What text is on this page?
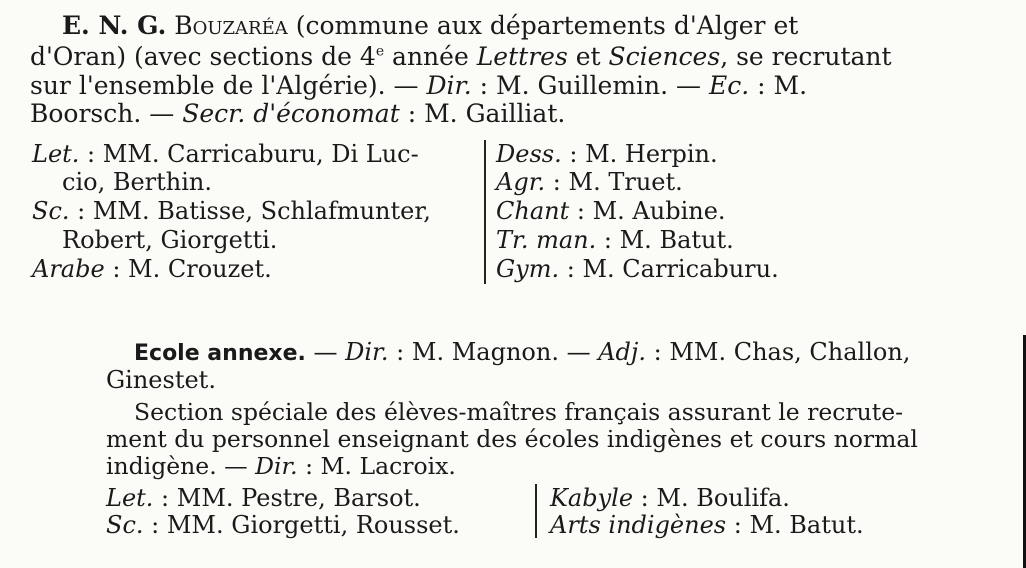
E. N. G. Bouzaréa (commune aux départements d'Alger et
d'Oran) (avec sections de 4e année Lettres et Sciences, se recrutant
sur l'ensemble de l'Algérie). — Dir. : M. Guillemin. — Ec. : M.
Boorsch. — Secr. d'économat : M. Gailliat.
Let. : MM. Carricaburu, Di Luc-
cio, Berthin.
Sc. : MM. Batisse, Schlafmunter,
Robert, Giorgetti.
Arabe : M. Crouzet.
Dess. : M. Herpin.
Agr. : M. Truet.
Chant : M. Aubine.
Tr. man. : M. Batut.
Gym. : M. Carricaburu.
Ecole annexe. — Dir. : M. Magnon. — Adj. : MM. Chas, Challon,
Ginestet.
Section spéciale des élèves-maîtres français assurant le recrute-
ment du personnel enseignant des écoles indigènes et cours normal
indigène. — Dir. : M. Lacroix.
Let. : MM. Pestre, Barsot.
Sc. : MM. Giorgetti, Rousset.
Kabyle : M. Boulifa.
Arts indigènes : M. Batut.
